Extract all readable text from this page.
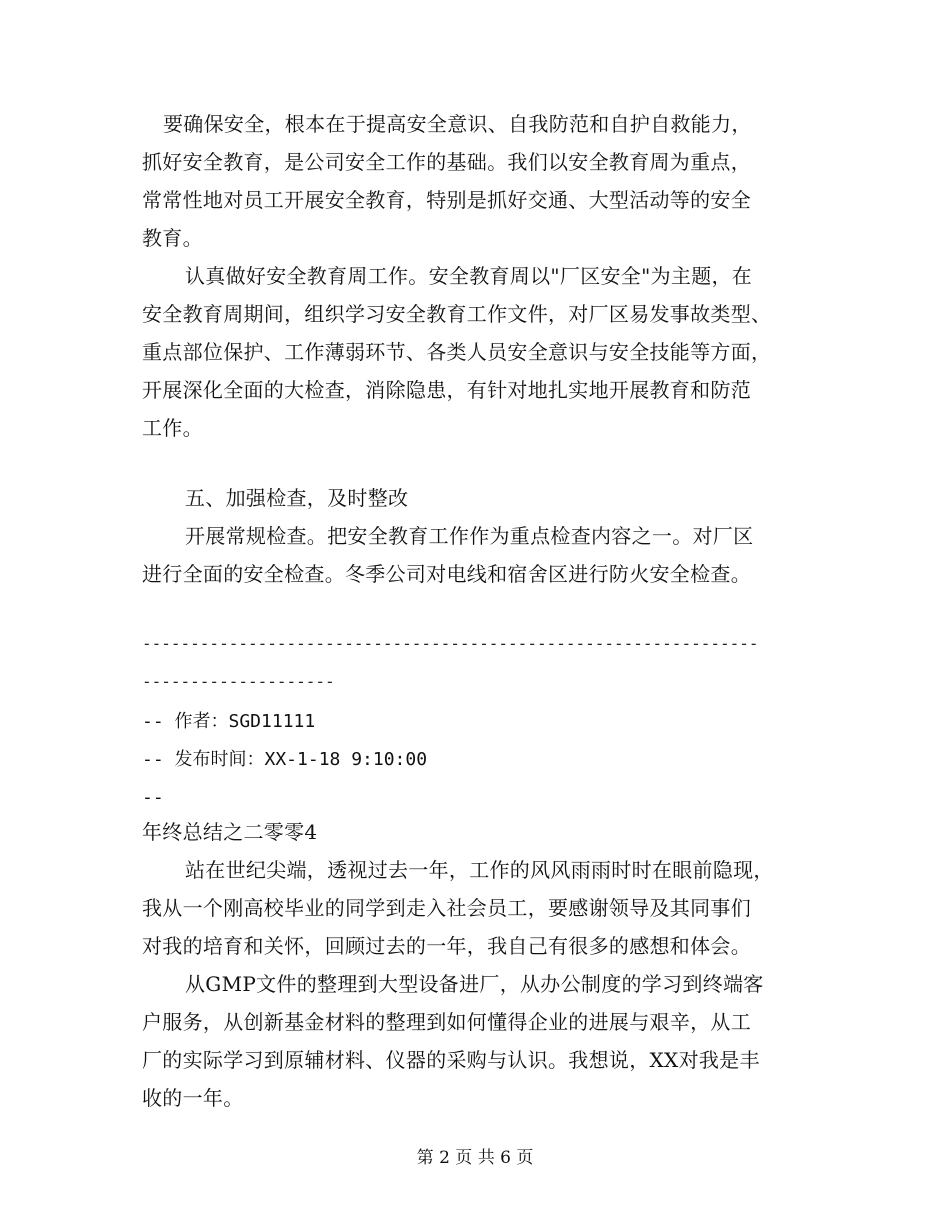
要确保安全，根本在于提高安全意识、自我防范和自护自救能力，
抓好安全教育，是公司安全工作的基础。我们以安全教育周为重点，
常常性地对员工开展安全教育，特别是抓好交通、大型活动等的安全
教育。
认真做好安全教育周工作。安全教育周以"厂区安全"为主题，在
安全教育周期间，组织学习安全教育工作文件，对厂区易发事故类型、
重点部位保护、工作薄弱环节、各类人员安全意识与安全技能等方面，
开展深化全面的大检查，消除隐患，有针对地扎实地开展教育和防范
工作。
五、加强检查，及时整改
开展常规检查。把安全教育工作作为重点检查内容之一。对厂区
进行全面的安全检查。冬季公司对电线和宿舍区进行防火安全检查。
----------------------------------------------------------------
--------------------
-- 作者：SGD11111
-- 发布时间：XX-1-18 9:10:00
--
年终总结之二零零4
站在世纪尖端，透视过去一年，工作的风风雨雨时时在眼前隐现，
我从一个刚高校毕业的同学到走入社会员工，要感谢领导及其同事们
对我的培育和关怀，回顾过去的一年，我自己有很多的感想和体会。
从GMP文件的整理到大型设备进厂，从办公制度的学习到终端客
户服务，从创新基金材料的整理到如何懂得企业的进展与艰辛，从工
厂的实际学习到原辅材料、仪器的采购与认识。我想说，XX对我是丰
收的一年。
第 2 页 共 6 页
